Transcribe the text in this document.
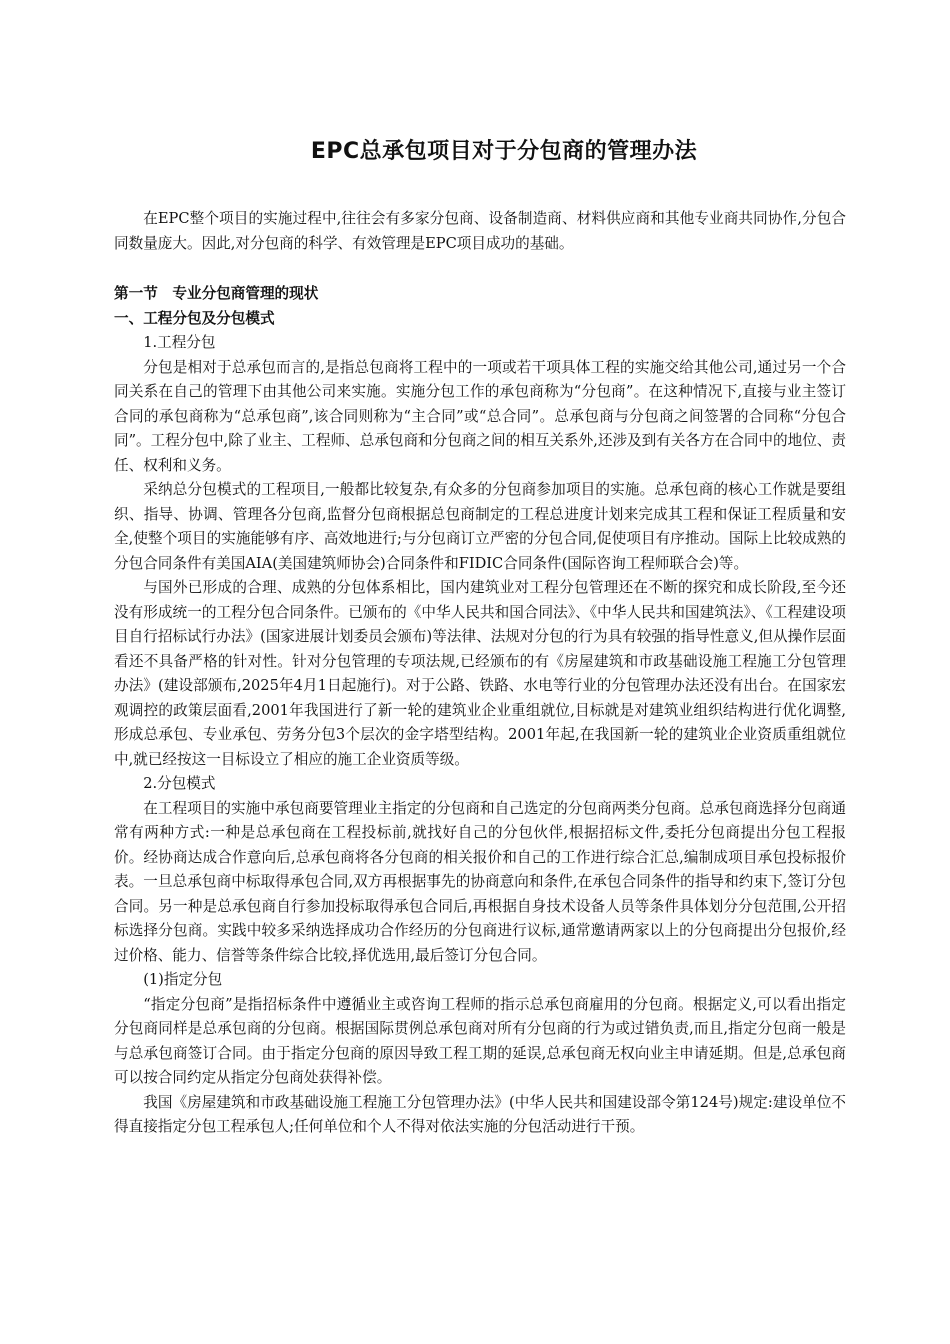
EPC总承包项目对于分包商的管理办法

在EPC整个项目的实施过程中,往往会有多家分包商、设备制造商、材料供应商和其他专业商共同协作,分包合同数量庞大。因此,对分包商的科学、有效管理是EPC项目成功的基础。

第一节　专业分包商管理的现状
一、工程分包及分包模式

1.工程分包

分包是相对于总承包而言的,是指总包商将工程中的一项或若干项具体工程的实施交给其他公司,通过另一个合同关系在自己的管理下由其他公司来实施。实施分包工作的承包商称为“分包商”。在这种情况下,直接与业主签订合同的承包商称为“总承包商”,该合同则称为“主合同”或“总合同”。总承包商与分包商之间签署的合同称“分包合同”。工程分包中,除了业主、工程师、总承包商和分包商之间的相互关系外,还涉及到有关各方在合同中的地位、责任、权利和义务。

采纳总分包模式的工程项目,一般都比较复杂,有众多的分包商参加项目的实施。总承包商的核心工作就是要组织、指导、协调、管理各分包商,监督分包商根据总包商制定的工程总进度计划来完成其工程和保证工程质量和安全,使整个项目的实施能够有序、高效地进行;与分包商订立严密的分包合同,促使项目有序推动。国际上比较成熟的分包合同条件有美国AIA(美国建筑师协会)合同条件和FIDIC合同条件(国际咨询工程师联合会)等。

与国外已形成的合理、成熟的分包体系相比，国内建筑业对工程分包管理还在不断的探究和成长阶段,至今还没有形成统一的工程分包合同条件。已颁布的《中华人民共和国合同法》、《中华人民共和国建筑法》、《工程建设项目自行招标试行办法》(国家进展计划委员会颁布)等法律、法规对分包的行为具有较强的指导性意义,但从操作层面看还不具备严格的针对性。针对分包管理的专项法规,已经颁布的有《房屋建筑和市政基础设施工程施工分包管理办法》(建设部颁布,2025年4月1日起施行)。对于公路、铁路、水电等行业的分包管理办法还没有出台。在国家宏观调控的政策层面看,2001年我国进行了新一轮的建筑业企业重组就位,目标就是对建筑业组织结构进行优化调整,形成总承包、专业承包、劳务分包3个层次的金字塔型结构。2001年起,在我国新一轮的建筑业企业资质重组就位中,就已经按这一目标设立了相应的施工企业资质等级。

2.分包模式

在工程项目的实施中承包商要管理业主指定的分包商和自己选定的分包商两类分包商。总承包商选择分包商通常有两种方式:一种是总承包商在工程投标前,就找好自己的分包伙伴,根据招标文件,委托分包商提出分包工程报价。经协商达成合作意向后,总承包商将各分包商的相关报价和自己的工作进行综合汇总,编制成项目承包投标报价表。一旦总承包商中标取得承包合同,双方再根据事先的协商意向和条件,在承包合同条件的指导和约束下,签订分包合同。另一种是总承包商自行参加投标取得承包合同后,再根据自身技术设备人员等条件具体划分分包范围,公开招标选择分包商。实践中较多采纳选择成功合作经历的分包商进行议标,通常邀请两家以上的分包商提出分包报价,经过价格、能力、信誉等条件综合比较,择优选用,最后签订分包合同。

(1)指定分包

“指定分包商”是指招标条件中遵循业主或咨询工程师的指示总承包商雇用的分包商。根据定义,可以看出指定分包商同样是总承包商的分包商。根据国际贯例总承包商对所有分包商的行为或过错负责,而且,指定分包商一般是与总承包商签订合同。由于指定分包商的原因导致工程工期的延误,总承包商无权向业主申请延期。但是,总承包商可以按合同约定从指定分包商处获得补偿。

我国《房屋建筑和市政基础设施工程施工分包管理办法》(中华人民共和国建设部令第124号)规定:建设单位不得直接指定分包工程承包人;任何单位和个人不得对依法实施的分包活动进行干预。
